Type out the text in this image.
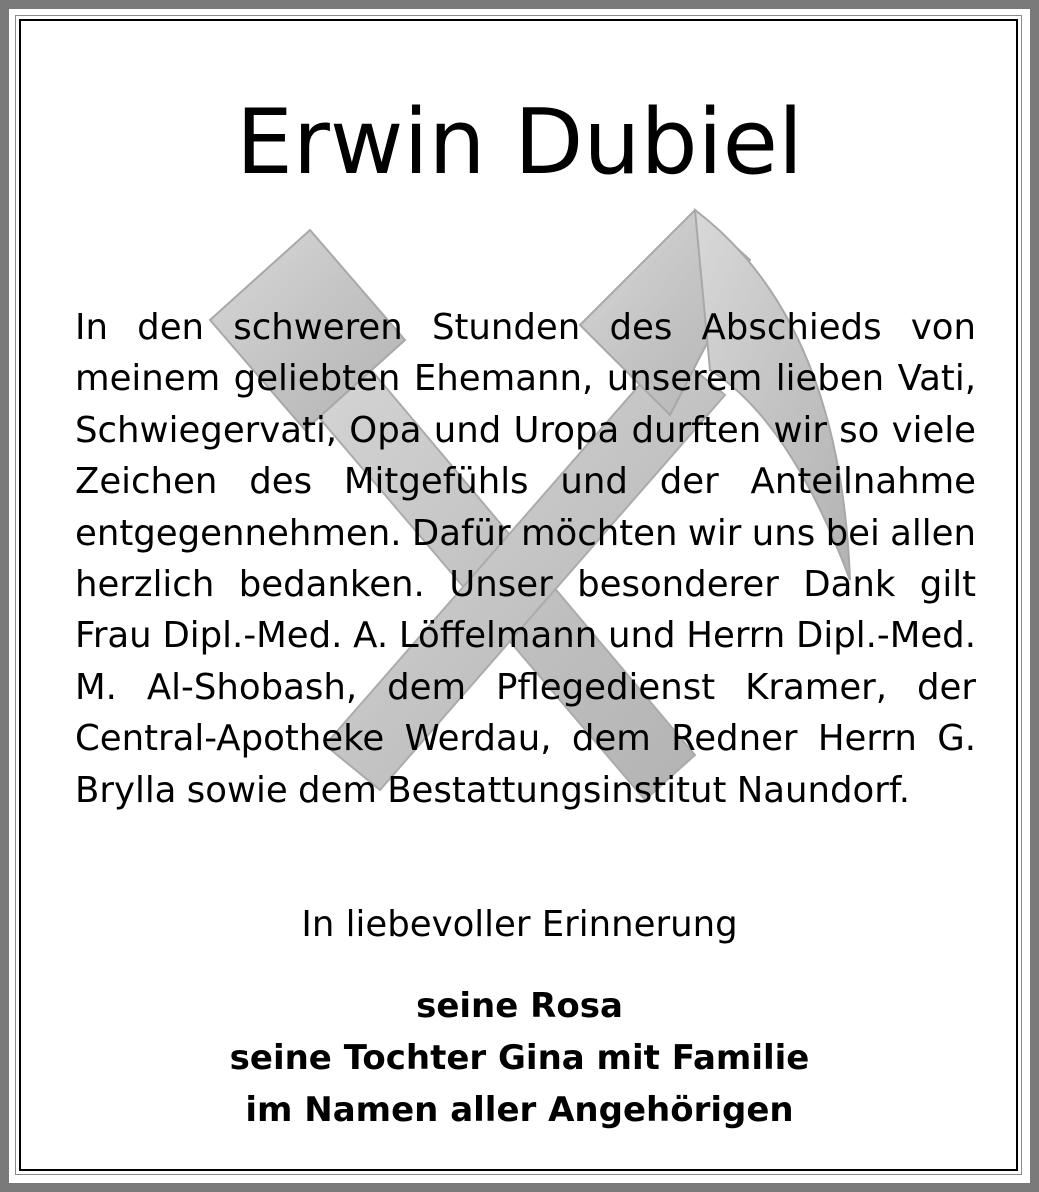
Erwin Dubiel

In den schweren Stunden des Abschieds von meinem geliebten Ehemann, unserem lieben Vati, Schwiegervati, Opa und Uropa durften wir so viele Zeichen des Mitgefühls und der Anteilnahme entgegennehmen. Dafür möchten wir uns bei allen herzlich bedanken. Unser besonderer Dank gilt Frau Dipl.-Med. A. Löffelmann und Herrn Dipl.-Med. M. Al-Shobash, dem Pflegedienst Kramer, der Central-Apotheke Werdau, dem Redner Herrn G. Brylla sowie dem Bestattungsinstitut Naundorf.

In liebevoller Erinnerung

seine Rosa
seine Tochter Gina mit Familie
im Namen aller Angehörigen
